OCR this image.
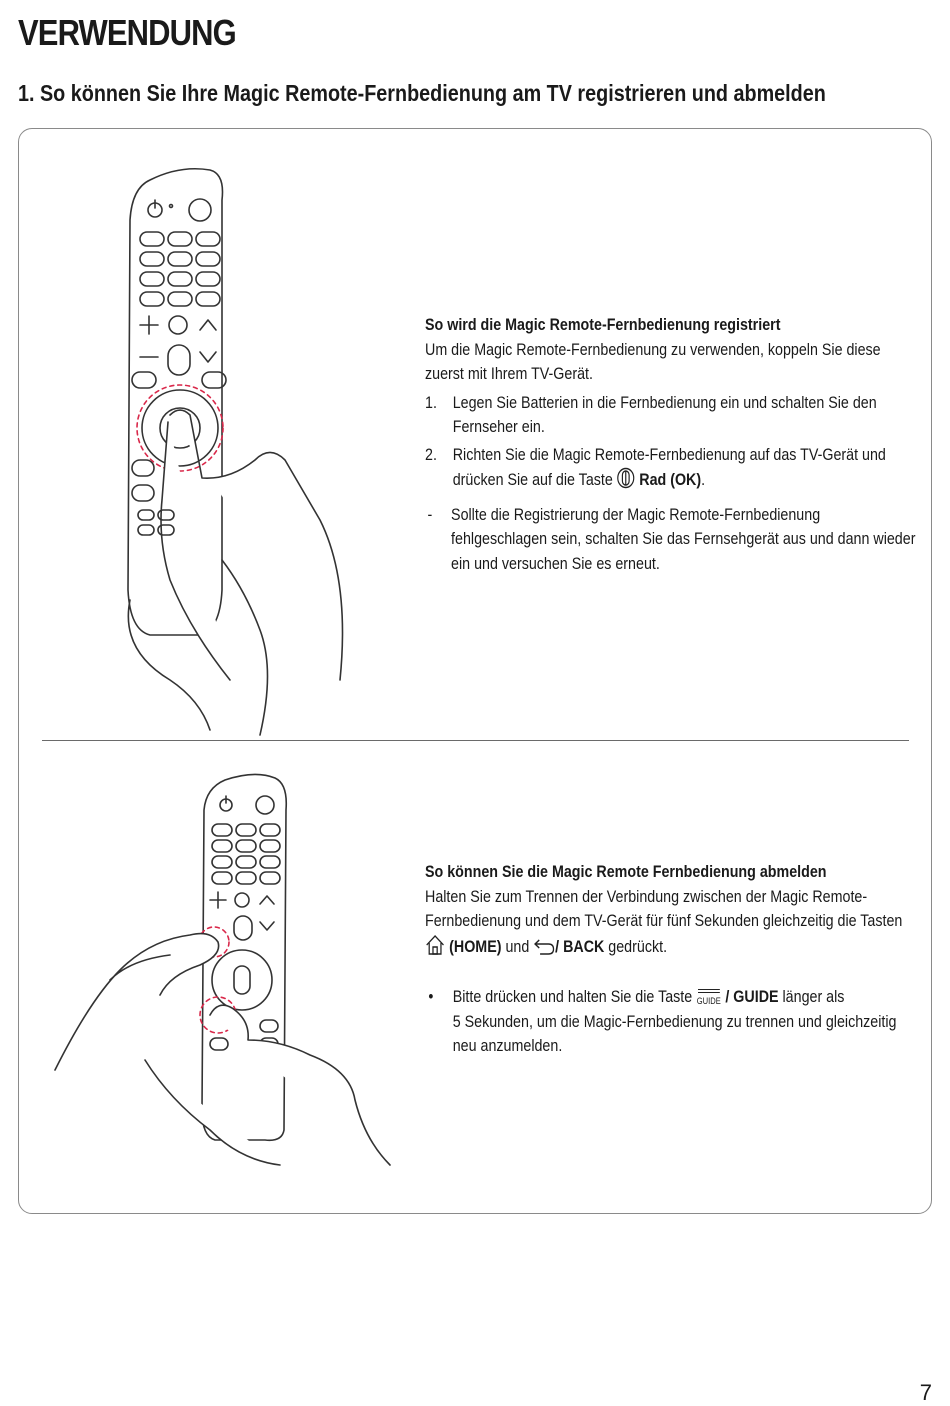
VERWENDUNG
1. So können Sie Ihre Magic Remote-Fernbedienung am TV registrieren und abmelden
So wird die Magic Remote-Fernbedienung registriert
Um die Magic Remote-Fernbedienung zu verwenden, koppeln Sie diese
zuerst mit Ihrem TV-Gerät.
1. Legen Sie Batterien in die Fernbedienung ein und schalten Sie den
Fernseher ein.
2. Richten Sie die Magic Remote-Fernbedienung auf das TV-Gerät und
drücken Sie auf die Taste Rad (OK).
- Sollte die Registrierung der Magic Remote-Fernbedienung
fehlgeschlagen sein, schalten Sie das Fernsehgerät aus und dann wieder
ein und versuchen Sie es erneut.
So können Sie die Magic Remote Fernbedienung abmelden
Halten Sie zum Trennen der Verbindung zwischen der Magic Remote-
Fernbedienung und dem TV-Gerät für fünf Sekunden gleichzeitig die Tasten
(HOME) und / BACK gedrückt.
• Bitte drücken und halten Sie die Taste GUIDE / GUIDE länger als
5 Sekunden, um die Magic-Fernbedienung zu trennen und gleichzeitig
neu anzumelden.
7
